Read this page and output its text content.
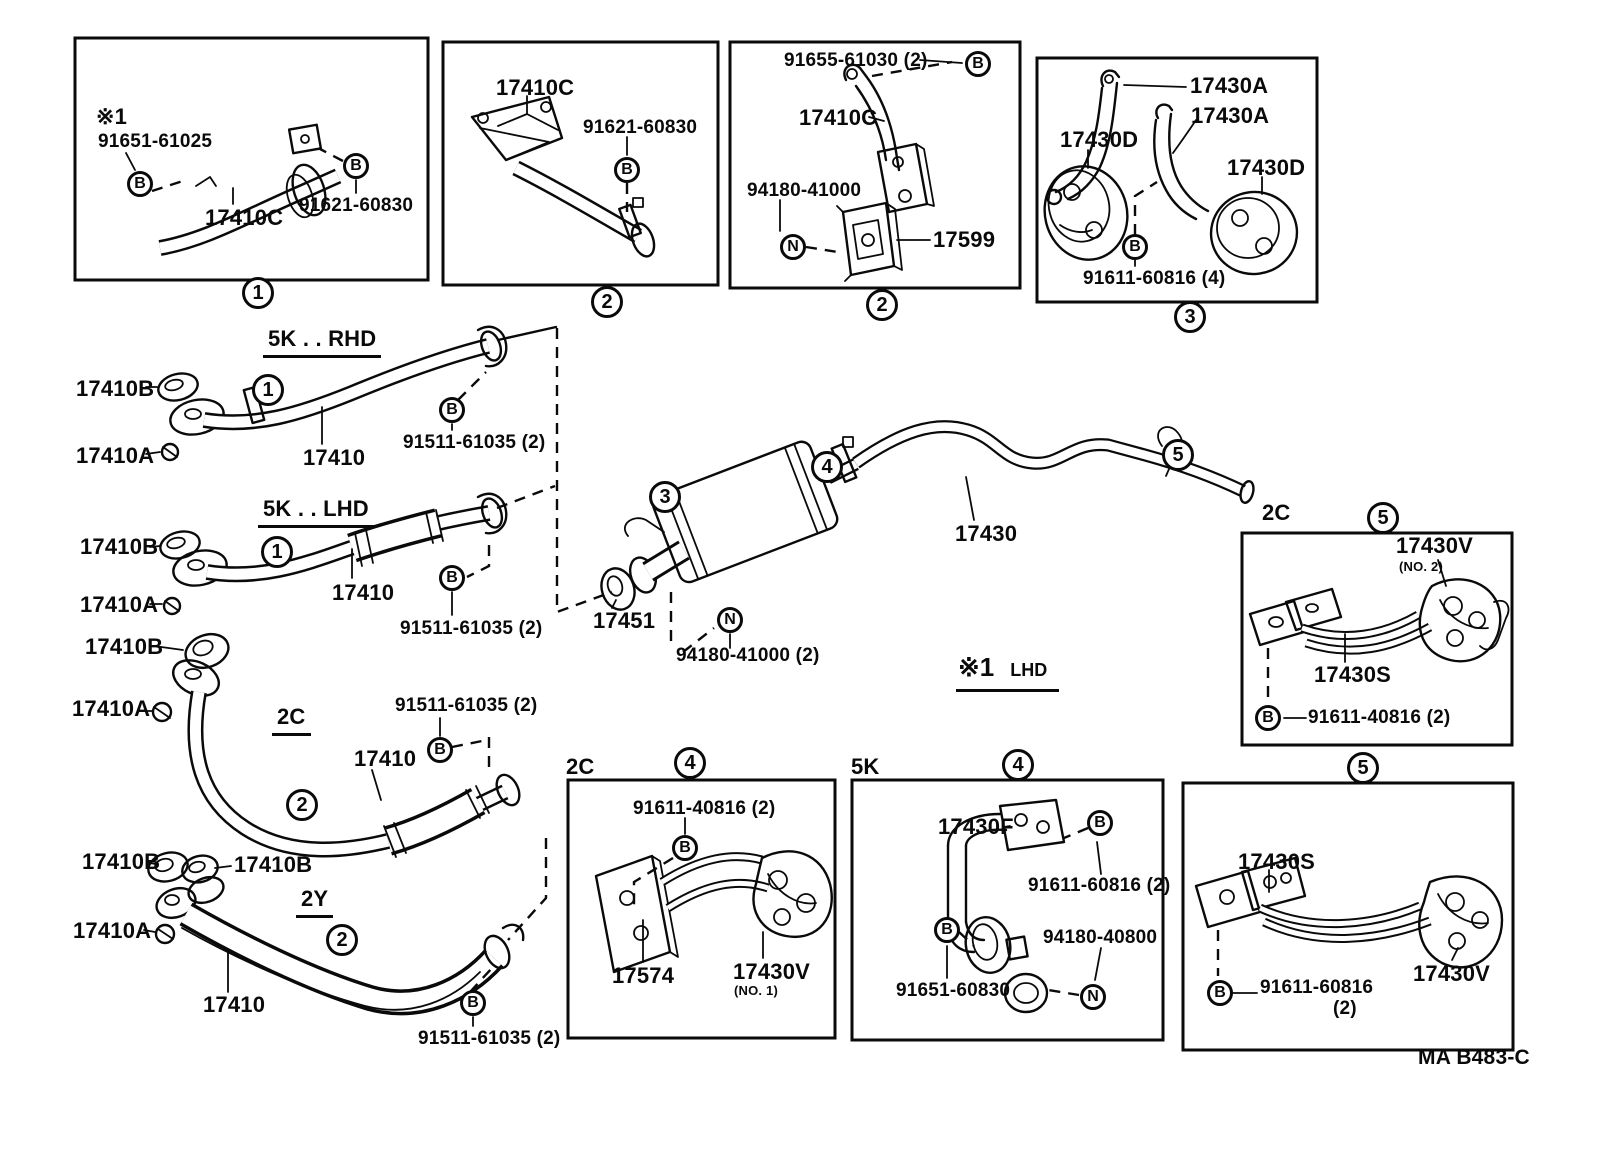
※1
91651-61025
17410C 91621-60830
B
B
1
17410C
91621-60830
B
2
91655-61030 (2)
17410C
94180-41000
17599
B
N
2
17430A
17430A
17430D
17430D
91611-60816 (4)
B
3
5K . . RHD
17410B
17410A	17410
91511-61035 (2)
1
B
5K . . LHD
17410B
17410A	17410
91511-61035 (2)
1
B
17410B
17410A	2C	91511-61035 (2)
17410	B
2
17410B	17410B
17410A
2Y
17410
91511-61035 (2)
2
B
3
4
5
17430
17451
94180-41000 (2)
N
※1 LHD
2C	5
17430V
(NO. 2)
17430S
91611-40816 (2)
B
2C	4
91611-40816 (2)
B
17574	17430V
(NO. 1)
5K	4
17430F	B
91611-60816 (2)
B	94180-40800
91651-60830	N
5
17430S
17430V
B	91611-60816
(2)
MA B483-C
